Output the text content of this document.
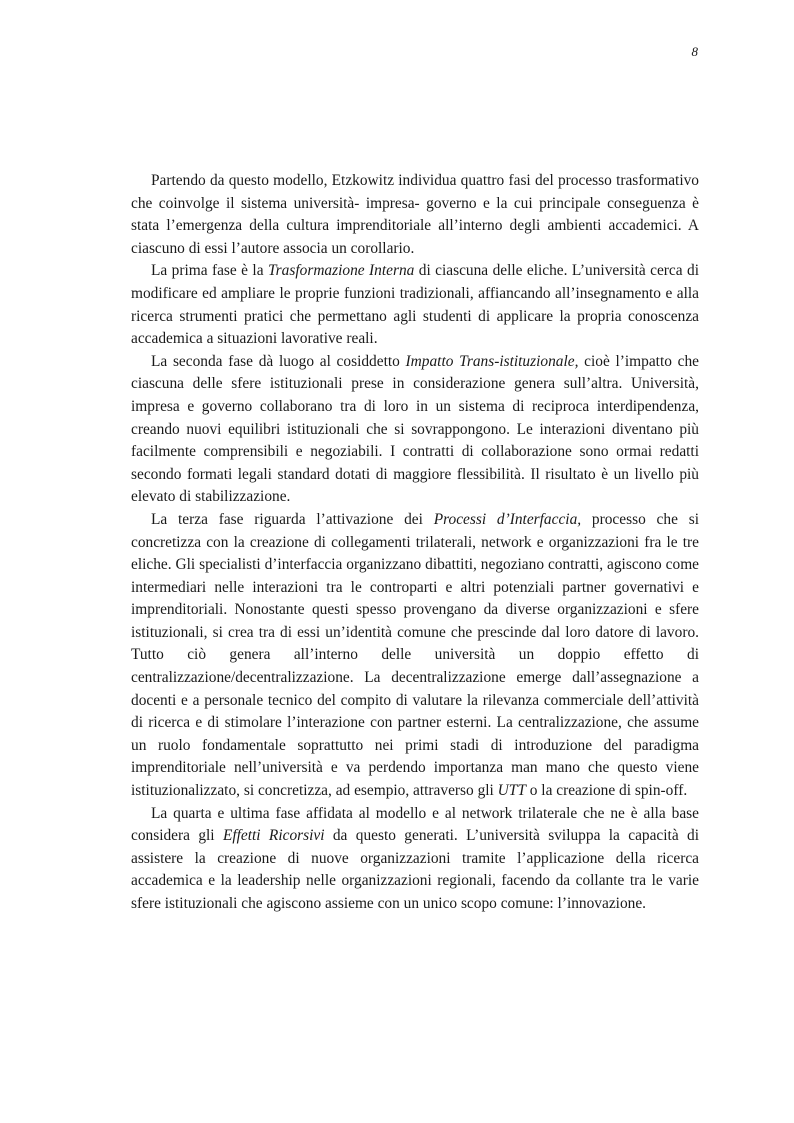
8

Partendo da questo modello, Etzkowitz individua quattro fasi del processo trasformativo che coinvolge il sistema università- impresa- governo e la cui principale conseguenza è stata l’emergenza della cultura imprenditoriale all’interno degli ambienti accademici. A ciascuno di essi l’autore associa un corollario.

La prima fase è la Trasformazione Interna di ciascuna delle eliche. L’università cerca di modificare ed ampliare le proprie funzioni tradizionali, affiancando all’insegnamento e alla ricerca strumenti pratici che permettano agli studenti di applicare la propria conoscenza accademica a situazioni lavorative reali.

La seconda fase dà luogo al cosiddetto Impatto Trans-istituzionale, cioè l’impatto che ciascuna delle sfere istituzionali prese in considerazione genera sull’altra. Università, impresa e governo collaborano tra di loro in un sistema di reciproca interdipendenza, creando nuovi equilibri istituzionali che si sovrappongono. Le interazioni diventano più facilmente comprensibili e negoziabili. I contratti di collaborazione sono ormai redatti secondo formati legali standard dotati di maggiore flessibilità. Il risultato è un livello più elevato di stabilizzazione.

La terza fase riguarda l’attivazione dei Processi d’Interfaccia, processo che si concretizza con la creazione di collegamenti trilaterali, network e organizzazioni fra le tre eliche. Gli specialisti d’interfaccia organizzano dibattiti, negoziano contratti, agiscono come intermediari nelle interazioni tra le controparti e altri potenziali partner governativi e imprenditoriali. Nonostante questi spesso provengano da diverse organizzazioni e sfere istituzionali, si crea tra di essi un’identità comune che prescinde dal loro datore di lavoro. Tutto ciò genera all’interno delle università un doppio effetto di centralizzazione/decentralizzazione. La decentralizzazione emerge dall’assegnazione a docenti e a personale tecnico del compito di valutare la rilevanza commerciale dell’attività di ricerca e di stimolare l’interazione con partner esterni. La centralizzazione, che assume un ruolo fondamentale soprattutto nei primi stadi di introduzione del paradigma imprenditoriale nell’università e va perdendo importanza man mano che questo viene istituzionalizzato, si concretizza, ad esempio, attraverso gli UTT o la creazione di spin-off.

La quarta e ultima fase affidata al modello e al network trilaterale che ne è alla base considera gli Effetti Ricorsivi da questo generati. L’università sviluppa la capacità di assistere la creazione di nuove organizzazioni tramite l’applicazione della ricerca accademica e la leadership nelle organizzazioni regionali, facendo da collante tra le varie sfere istituzionali che agiscono assieme con un unico scopo comune: l’innovazione.
